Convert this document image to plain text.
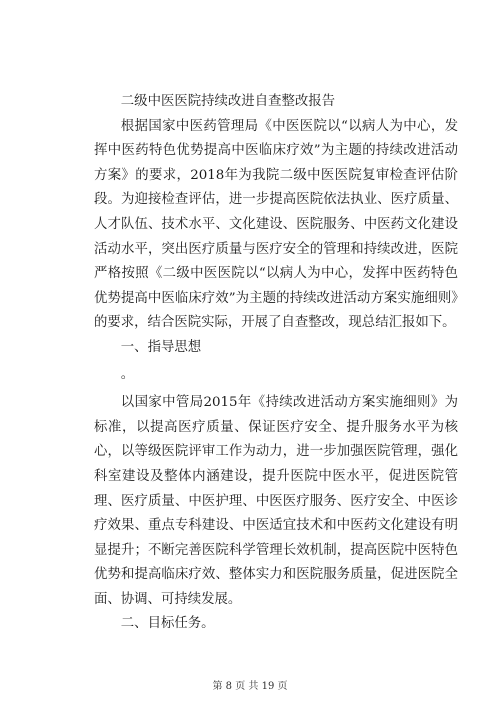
二级中医医院持续改进自查整改报告

根据国家中医药管理局《中医医院以“以病人为中心，发挥中医药特色优势提高中医临床疗效”为主题的持续改进活动方案》的要求，2018年为我院二级中医医院复审检查评估阶段。为迎接检查评估，进一步提高医院依法执业、医疗质量、人才队伍、技术水平、文化建设、医院服务、中医药文化建设活动水平，突出医疗质量与医疗安全的管理和持续改进，医院严格按照《二级中医医院以“以病人为中心，发挥中医药特色优势提高中医临床疗效”为主题的持续改进活动方案实施细则》的要求，结合医院实际，开展了自查整改，现总结汇报如下。

一、指导思想

。

以国家中管局2015年《持续改进活动方案实施细则》为标准，以提高医疗质量、保证医疗安全、提升服务水平为核心，以等级医院评审工作为动力，进一步加强医院管理，强化科室建设及整体内涵建设，提升医院中医水平，促进医院管理、医疗质量、中医护理、中医医疗服务、医疗安全、中医诊疗效果、重点专科建设、中医适宜技术和中医药文化建设有明显提升；不断完善医院科学管理长效机制，提高医院中医特色优势和提高临床疗效、整体实力和医院服务质量，促进医院全面、协调、可持续发展。

二、目标任务。

第 8 页 共 19 页
